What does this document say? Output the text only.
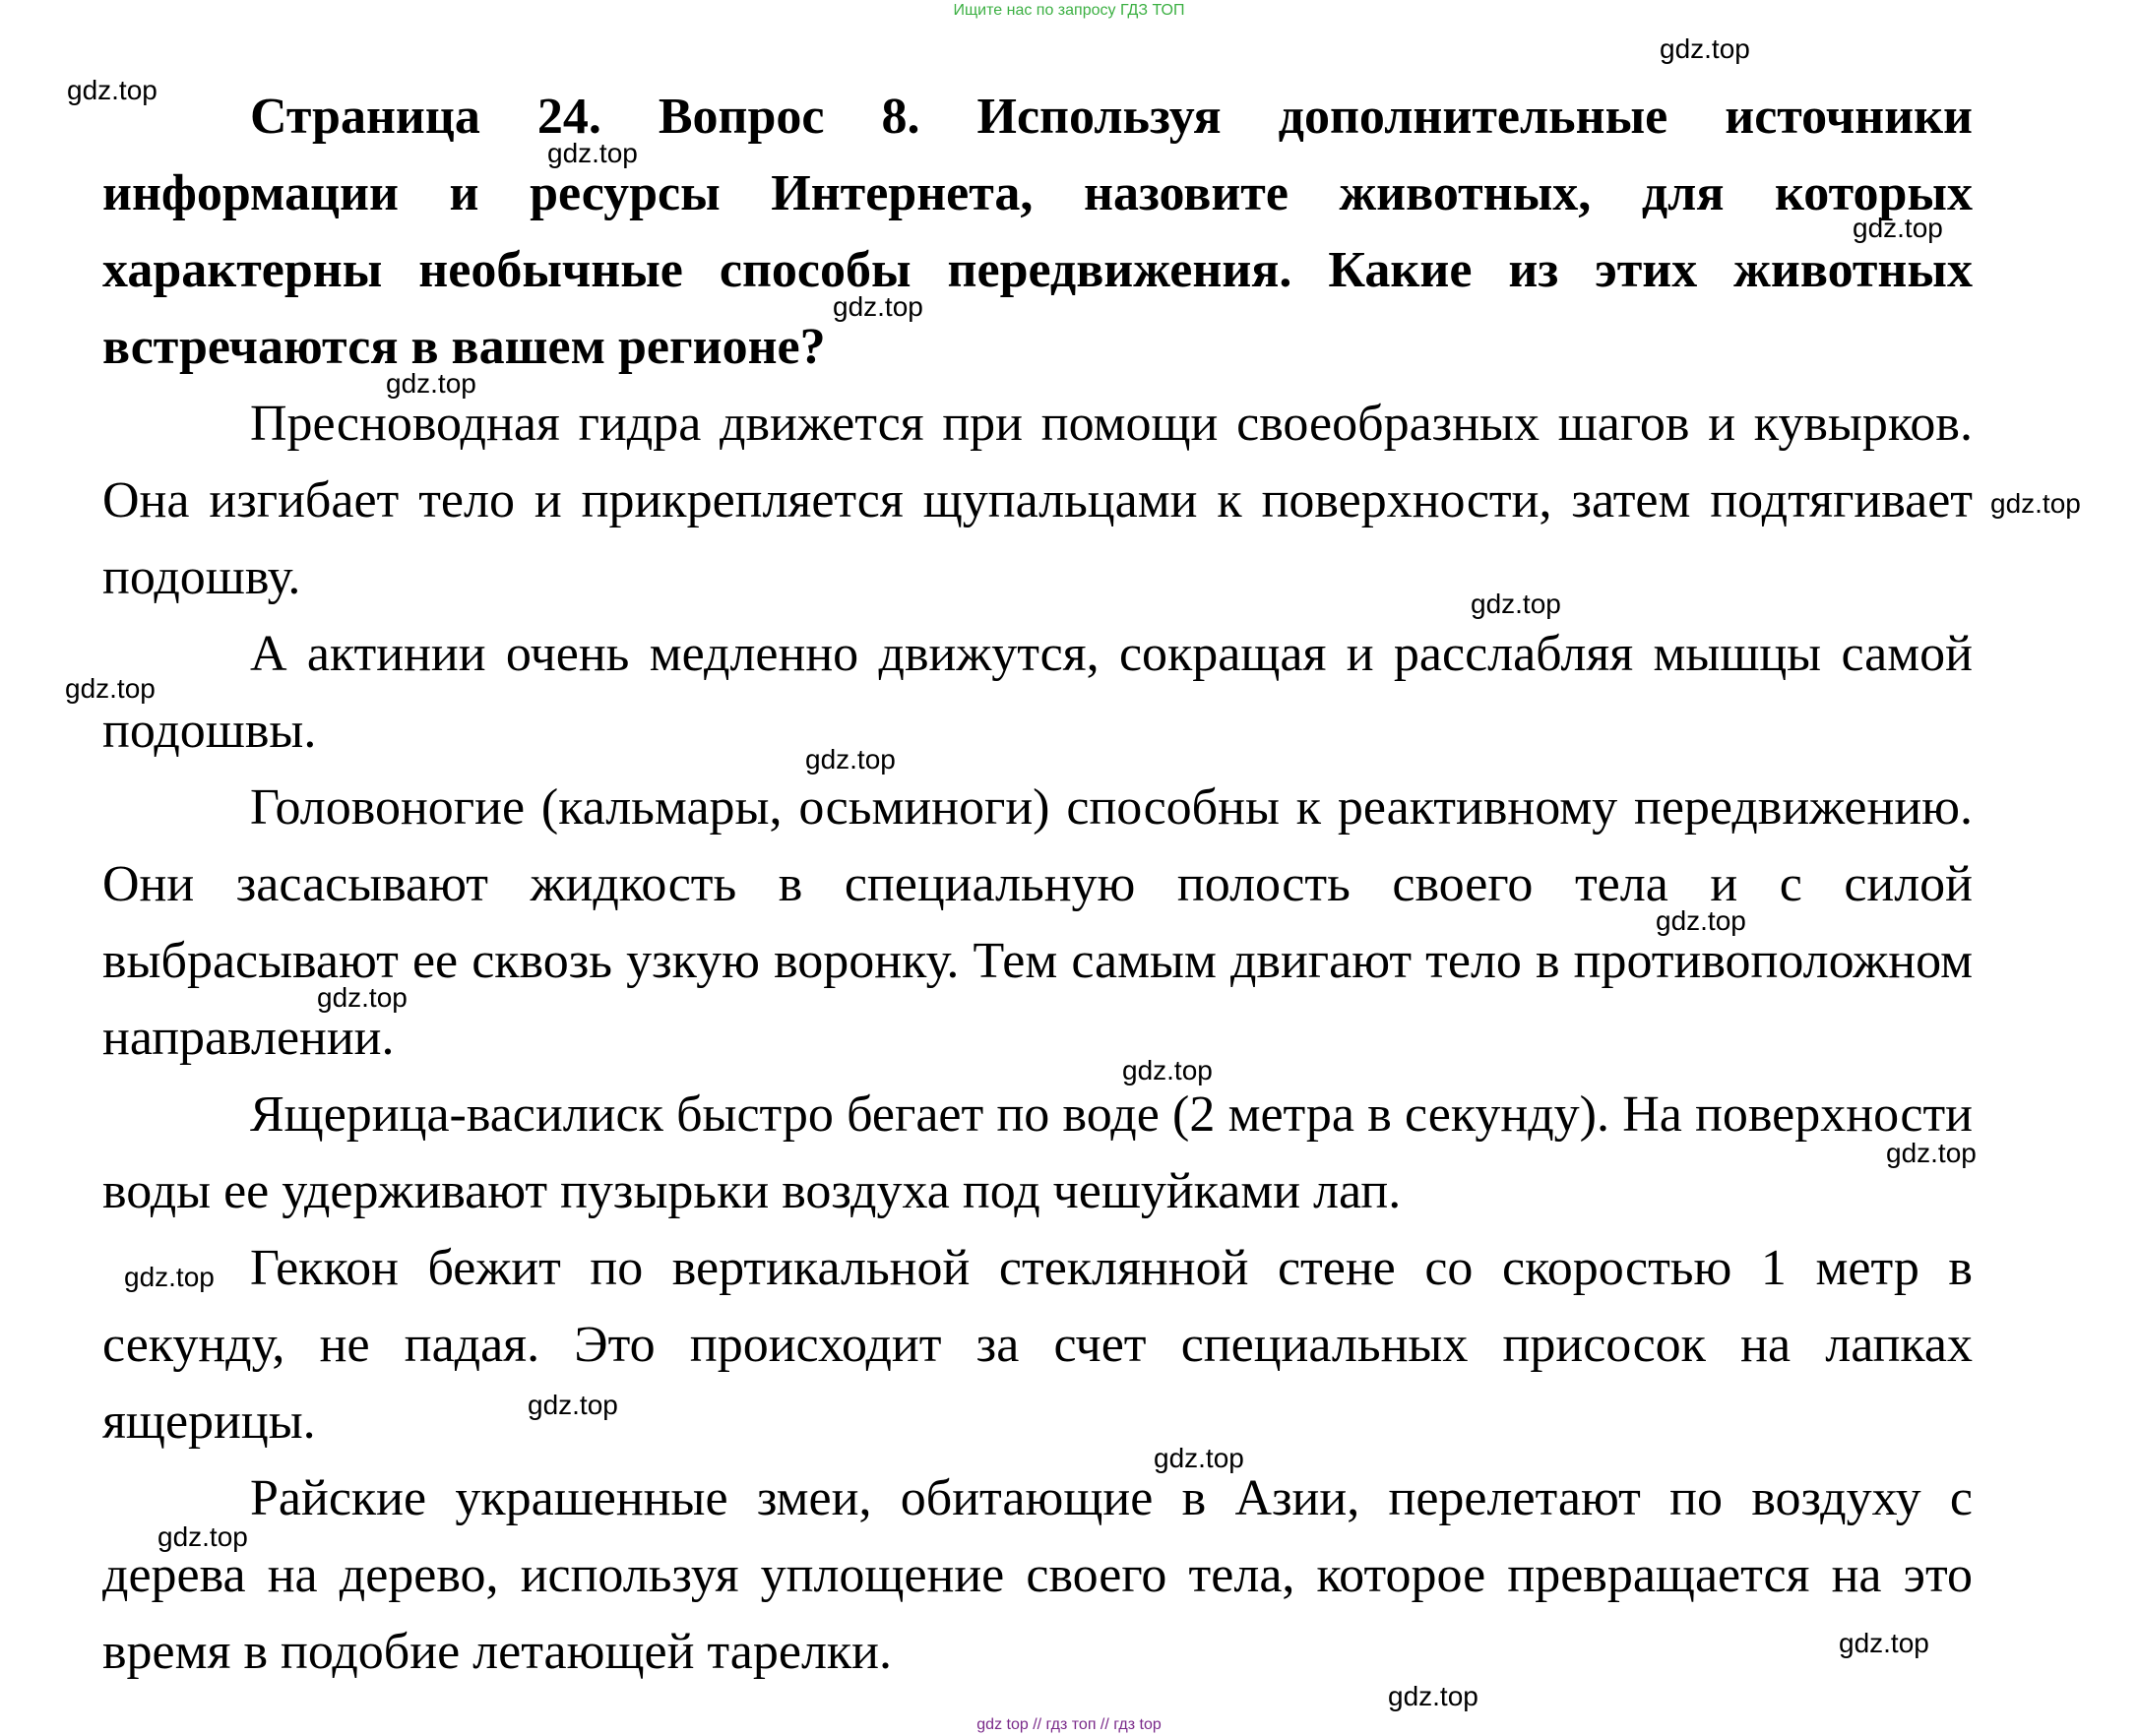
Ищите нас по запросу ГДЗ ТОП

Страница 24. Вопрос 8. Используя дополнительные источники информации и ресурсы Интернета, назовите животных, для которых характерны необычные способы передвижения. Какие из этих животных встречаются в вашем регионе?

Пресноводная гидра движется при помощи своеобразных шагов и кувырков. Она изгибает тело и прикрепляется щупальцами к поверхности, затем подтягивает подошву.

А актинии очень медленно движутся, сокращая и расслабляя мышцы самой подошвы.

Головоногие (кальмары, осьминоги) способны к реактивному передвижению. Они засасывают жидкость в специальную полость своего тела и с силой выбрасывают ее сквозь узкую воронку. Тем самым двигают тело в противоположном направлении.

Ящерица-василиск быстро бегает по воде (2 метра в секунду). На поверхности воды ее удерживают пузырьки воздуха под чешуйками лап.

Геккон бежит по вертикальной стеклянной стене со скоростью 1 метр в секунду, не падая. Это происходит за счет специальных присосок на лапках ящерицы.

Райские украшенные змеи, обитающие в Азии, перелетают по воздуху с дерева на дерево, используя уплощение своего тела, которое превращается на это время в подобие летающей тарелки.

gdz.top
gdz.top
gdz.top
gdz.top
gdz.top
gdz.top
gdz.top
gdz.top
gdz.top
gdz.top
gdz.top
gdz.top
gdz.top
gdz.top
gdz.top
gdz.top
gdz.top
gdz.top
gdz.top
gdz.top
gdz top // гдз топ // гдз top
